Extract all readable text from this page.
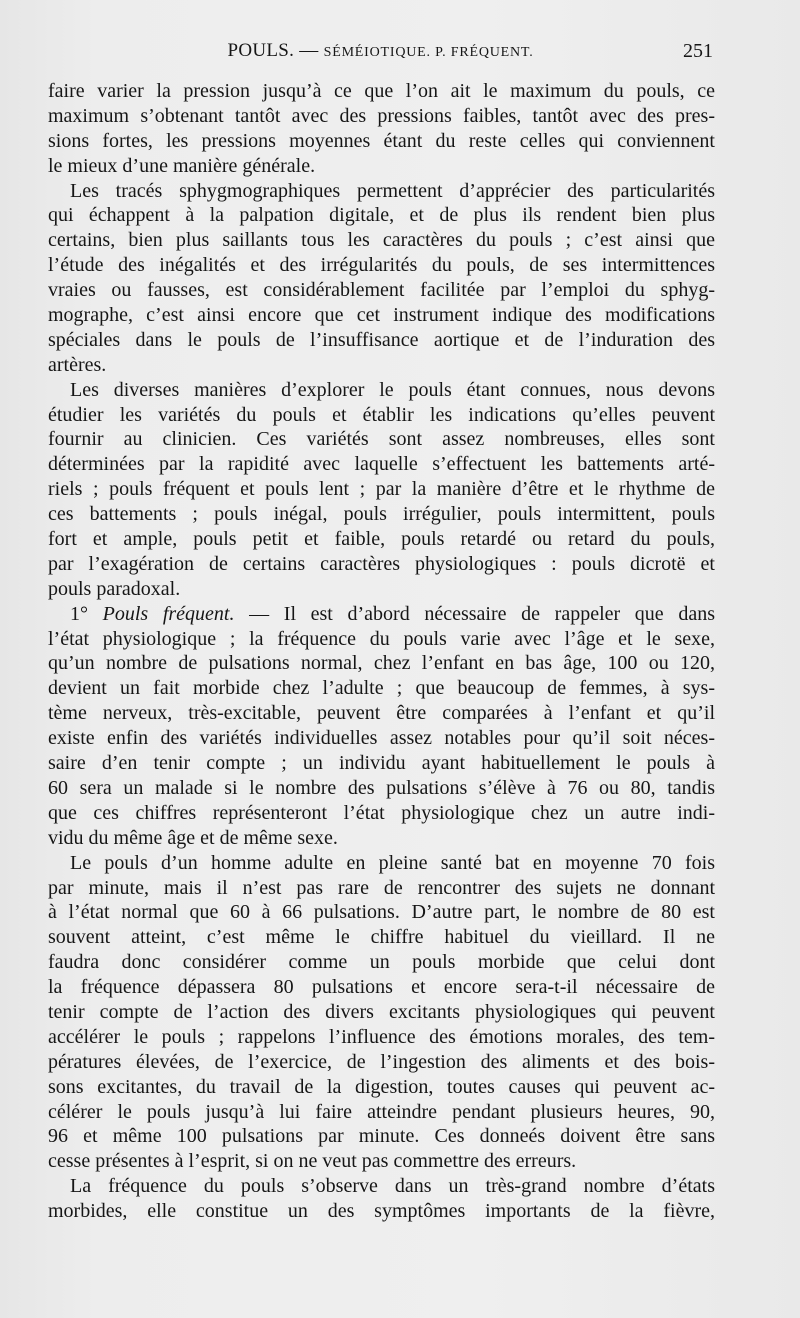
POULS. — SÉMÉIOTIQUE. P. FRÉQUENT.	251
faire varier la pression jusqu’à ce que l’on ait le maximum du pouls, ce
maximum s’obtenant tantôt avec des pressions faibles, tantôt avec des pres-
sions fortes, les pressions moyennes étant du reste celles qui conviennent
le mieux d’une manière générale.
Les tracés sphygmographiques permettent d’apprécier des particularités
qui échappent à la palpation digitale, et de plus ils rendent bien plus
certains, bien plus saillants tous les caractères du pouls ; c’est ainsi que
l’étude des inégalités et des irrégularités du pouls, de ses intermittences
vraies ou fausses, est considérablement facilitée par l’emploi du sphyg-
mographe, c’est ainsi encore que cet instrument indique des modifications
spéciales dans le pouls de l’insuffisance aortique et de l’induration des
artères.
Les diverses manières d’explorer le pouls étant connues, nous devons
étudier les variétés du pouls et établir les indications qu’elles peuvent
fournir au clinicien. Ces variétés sont assez nombreuses, elles sont
déterminées par la rapidité avec laquelle s’effectuent les battements arté-
riels ; pouls fréquent et pouls lent ; par la manière d’être et le rhythme de
ces battements ; pouls inégal, pouls irrégulier, pouls intermittent, pouls
fort et ample, pouls petit et faible, pouls retardé ou retard du pouls,
par l’exagération de certains caractères physiologiques : pouls dicrotë et
pouls paradoxal.
1° Pouls fréquent. — Il est d’abord nécessaire de rappeler que dans
l’état physiologique ; la fréquence du pouls varie avec l’âge et le sexe,
qu’un nombre de pulsations normal, chez l’enfant en bas âge, 100 ou 120,
devient un fait morbide chez l’adulte ; que beaucoup de femmes, à sys-
tème nerveux, très-excitable, peuvent être comparées à l’enfant et qu’il
existe enfin des variétés individuelles assez notables pour qu’il soit néces-
saire d’en tenir compte ; un individu ayant habituellement le pouls à
60 sera un malade si le nombre des pulsations s’élève à 76 ou 80, tandis
que ces chiffres représenteront l’état physiologique chez un autre indi-
vidu du même âge et de même sexe.
Le pouls d’un homme adulte en pleine santé bat en moyenne 70 fois
par minute, mais il n’est pas rare de rencontrer des sujets ne donnant
à l’état normal que 60 à 66 pulsations. D’autre part, le nombre de 80 est
souvent atteint, c’est même le chiffre habituel du vieillard. Il ne
faudra donc considérer comme un pouls morbide que celui dont
la fréquence dépassera 80 pulsations et encore sera-t-il nécessaire de
tenir compte de l’action des divers excitants physiologiques qui peuvent
accélérer le pouls ; rappelons l’influence des émotions morales, des tem-
pératures élevées, de l’exercice, de l’ingestion des aliments et des bois-
sons excitantes, du travail de la digestion, toutes causes qui peuvent ac-
célérer le pouls jusqu’à lui faire atteindre pendant plusieurs heures, 90,
96 et même 100 pulsations par minute. Ces donneés doivent être sans
cesse présentes à l’esprit, si on ne veut pas commettre des erreurs.
La fréquence du pouls s’observe dans un très-grand nombre d’états
morbides, elle constitue un des symptômes importants de la fièvre,
